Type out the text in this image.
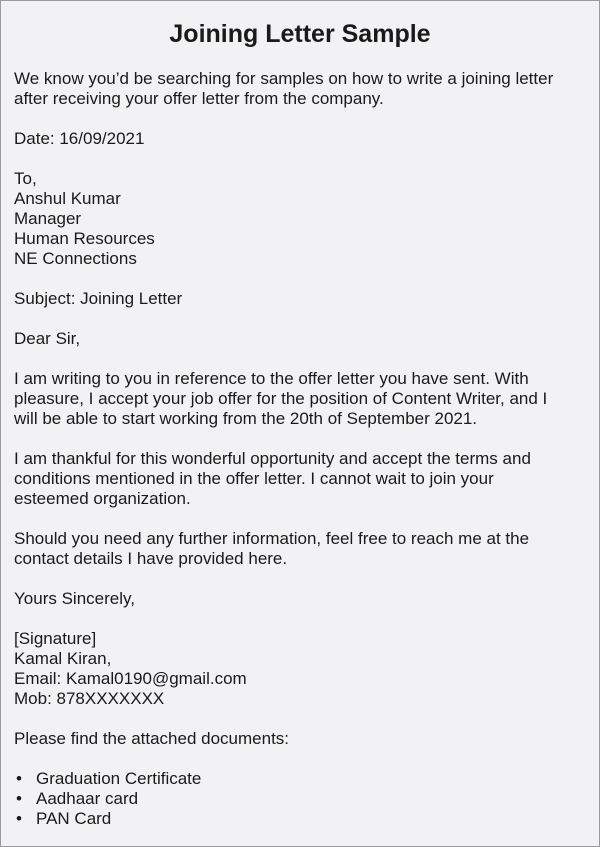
Joining Letter Sample
We know you’d be searching for samples on how to write a joining letter
after receiving your offer letter from the company.

Date: 16/09/2021

To,
Anshul Kumar
Manager
Human Resources
NE Connections

Subject: Joining Letter

Dear Sir,

I am writing to you in reference to the offer letter you have sent. With
pleasure, I accept your job offer for the position of Content Writer, and I
will be able to start working from the 20th of September 2021.
I am thankful for this wonderful opportunity and accept the terms and
conditions mentioned in the offer letter. I cannot wait to join your
esteemed organization.
Should you need any further information, feel free to reach me at the
contact details I have provided here.

Yours Sincerely,

[Signature]
Kamal Kiran,
Email: Kamal0190@gmail.com
Mob: 878XXXXXXX

Please find the attached documents:

• Graduation Certificate
• Aadhaar card
• PAN Card
